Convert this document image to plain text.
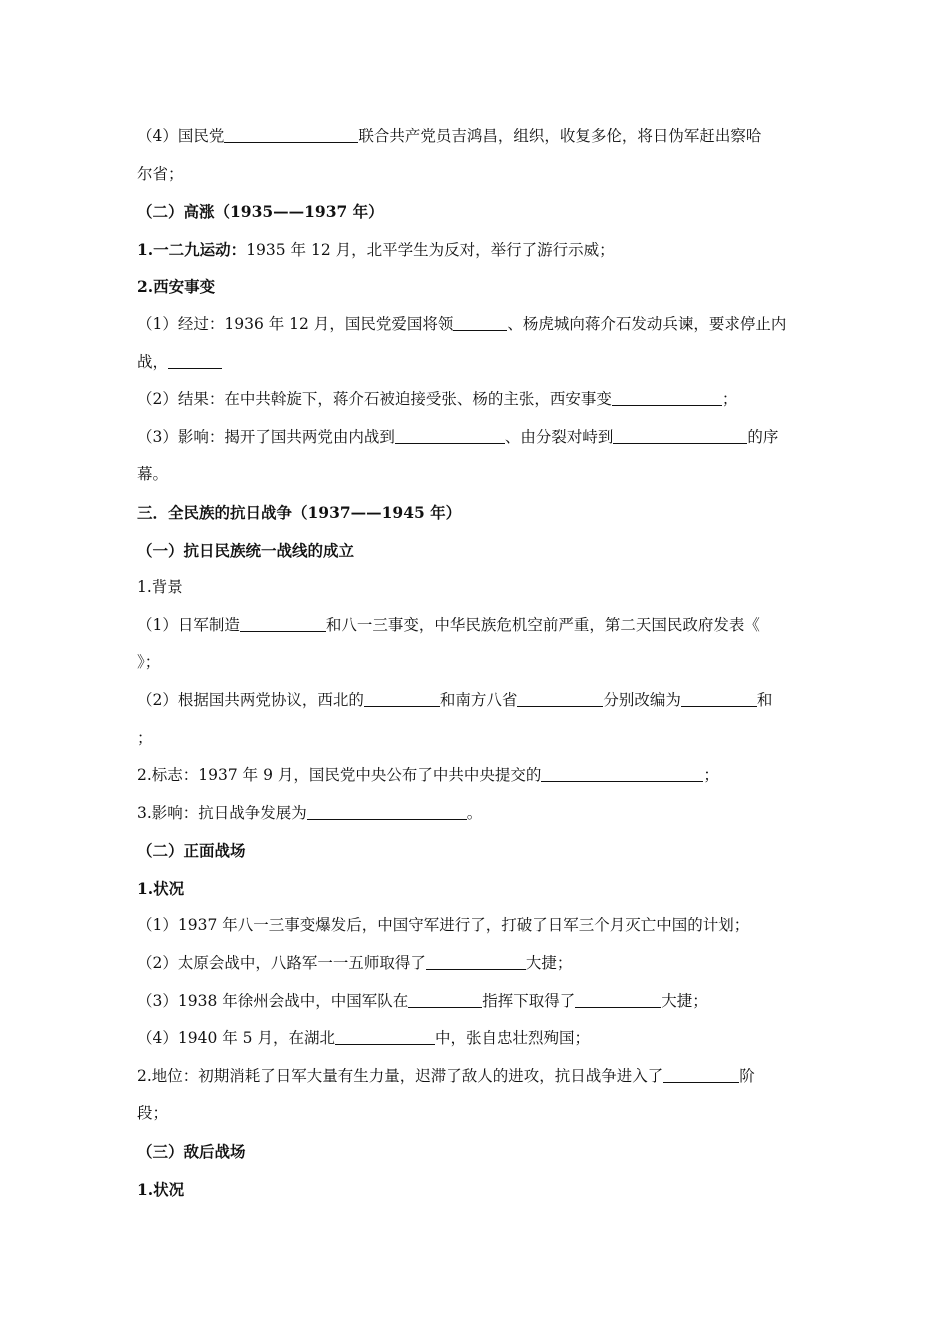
（4）国民党	联合共产党员吉鸿昌，组织，收复多伦，将日伪军赶出察哈
尔省；
（二）高涨（1935——1937 年）
1.一二九运动：1935 年 12 月，北平学生为反对，举行了游行示威；
2.西安事变
（1）经过：1936 年 12 月，国民党爱国将领	、杨虎城向蒋介石发动兵谏，要求停止内
战，
（2）结果：在中共斡旋下，蒋介石被迫接受张、杨的主张，西安事变	；
（3）影响：揭开了国共两党由内战到	、由分裂对峙到	的序
幕。
三．全民族的抗日战争（1937——1945 年）
（一）抗日民族统一战线的成立
1.背景
（1）日军制造	和八一三事变，中华民族危机空前严重，第二天国民政府发表《
》；
（2）根据国共两党协议，西北的	和南方八省	分别改编为	和
；
2.标志：1937 年 9 月，国民党中央公布了中共中央提交的	；
3.影响：抗日战争发展为	。
（二）正面战场
1.状况
（1）1937 年八一三事变爆发后，中国守军进行了，打破了日军三个月灭亡中国的计划；
（2）太原会战中，八路军一一五师取得了	大捷；
（3）1938 年徐州会战中，中国军队在	指挥下取得了	大捷；
（4）1940 年 5 月，在湖北	中，张自忠壮烈殉国；
2.地位：初期消耗了日军大量有生力量，迟滞了敌人的进攻，抗日战争进入了	阶
段；
（三）敌后战场
1.状况
